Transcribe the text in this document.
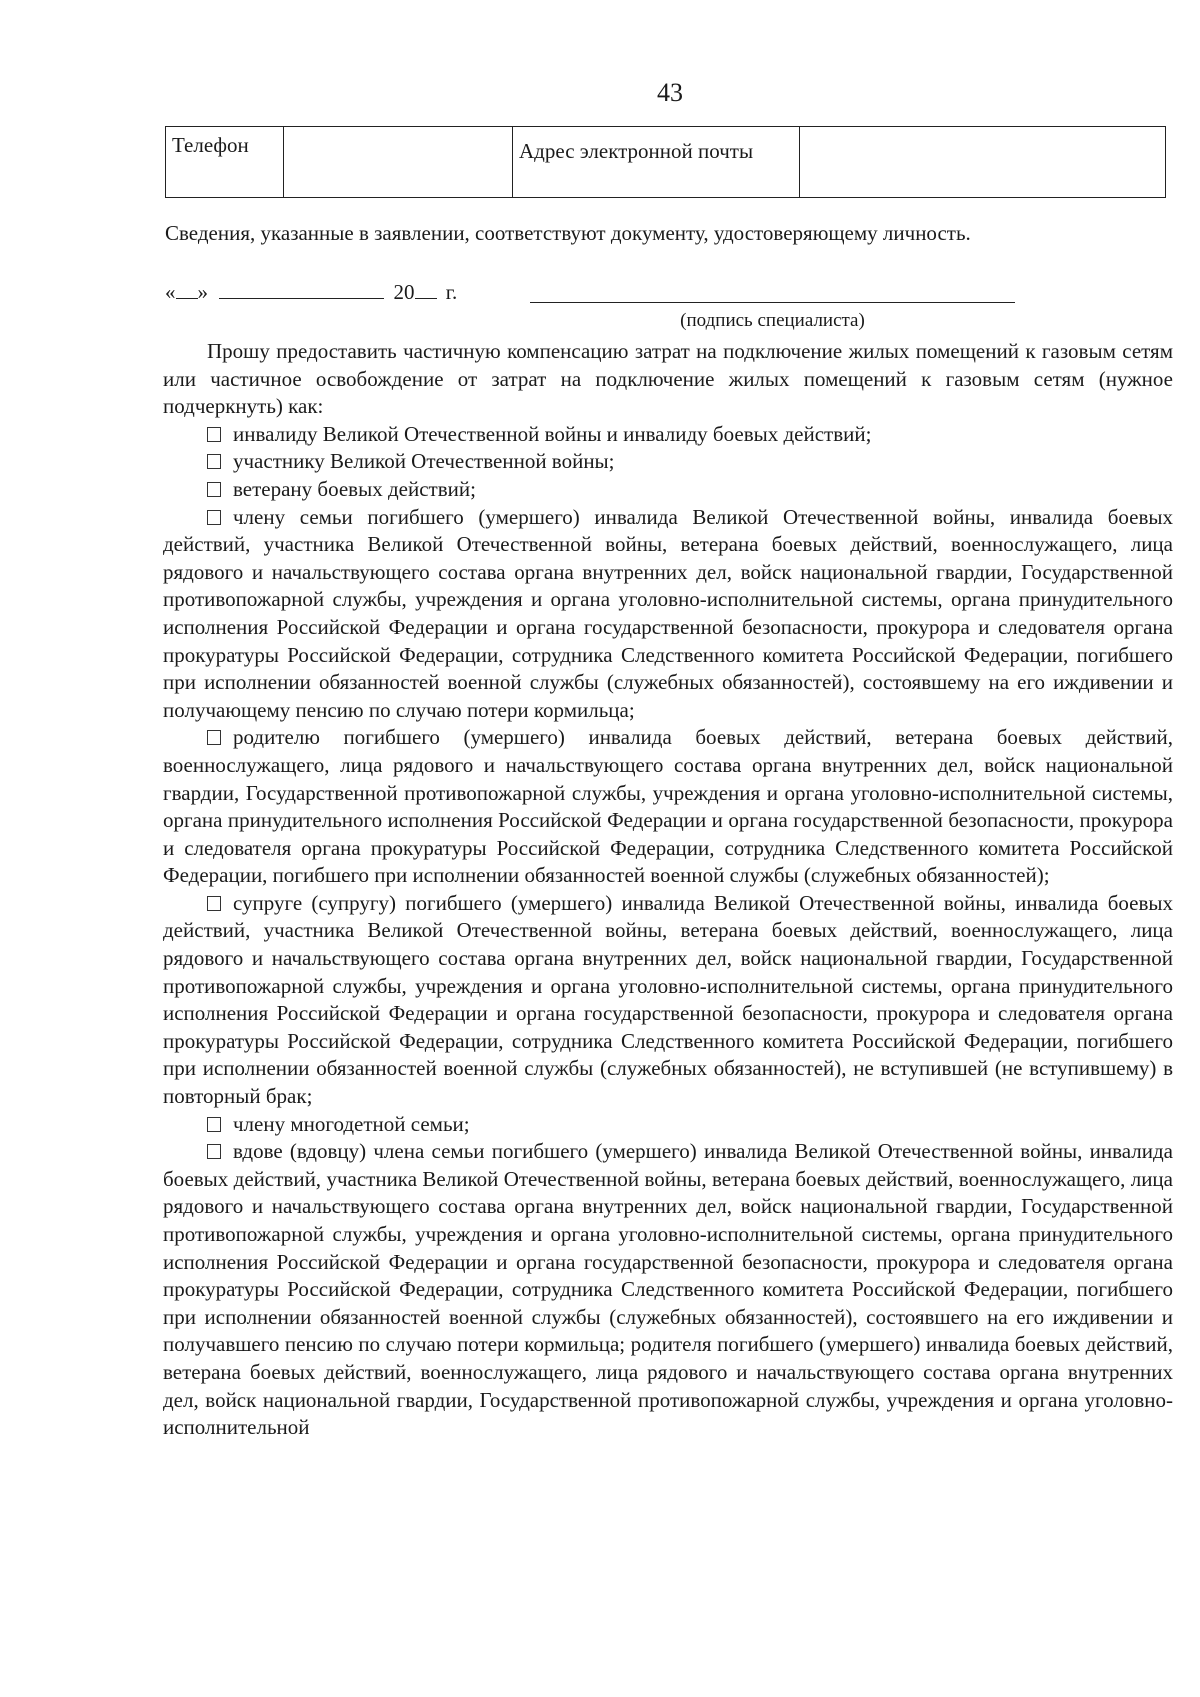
43
Телефон		Адрес электронной почты	
Сведения, указанные в заявлении, соответствуют документу, удостоверяющему личность.
« »	20 г.
(подпись специалиста)

Прошу предоставить частичную компенсацию затрат на подключение жилых помещений к газовым сетям или частичное освобождение от затрат на подключение жилых помещений к газовым сетям (нужное подчеркнуть) как:

инвалиду Великой Отечественной войны и инвалиду боевых действий;

участнику Великой Отечественной войны;

ветерану боевых действий;

члену семьи погибшего (умершего) инвалида Великой Отечественной войны, инвалида боевых действий, участника Великой Отечественной войны, ветерана боевых действий, военнослужащего, лица рядового и начальствующего состава органа внутренних дел, войск национальной гвардии, Государственной противопожарной службы, учреждения и органа уголовно-исполнительной системы, органа принудительного исполнения Российской Федерации и органа государственной безопасности, прокурора и следователя органа прокуратуры Российской Федерации, сотрудника Следственного комитета Российской Федерации, погибшего при исполнении обязанностей военной службы (служебных обязанностей), состоявшему на его иждивении и получающему пенсию по случаю потери кормильца;

родителю погибшего (умершего) инвалида боевых действий, ветерана боевых действий, военнослужащего, лица рядового и начальствующего состава органа внутренних дел, войск национальной гвардии, Государственной противопожарной службы, учреждения и органа уголовно-исполнительной системы, органа принудительного исполнения Российской Федерации и органа государственной безопасности, прокурора и следователя органа прокуратуры Российской Федерации, сотрудника Следственного комитета Российской Федерации, погибшего при исполнении обязанностей военной службы (служебных обязанностей);

супруге (супругу) погибшего (умершего) инвалида Великой Отечественной войны, инвалида боевых действий, участника Великой Отечественной войны, ветерана боевых действий, военнослужащего, лица рядового и начальствующего состава органа внутренних дел, войск национальной гвардии, Государственной противопожарной службы, учреждения и органа уголовно-исполнительной системы, органа принудительного исполнения Российской Федерации и органа государственной безопасности, прокурора и следователя органа прокуратуры Российской Федерации, сотрудника Следственного комитета Российской Федерации, погибшего при исполнении обязанностей военной службы (служебных обязанностей), не вступившей (не вступившему) в повторный брак;

члену многодетной семьи;

вдове (вдовцу) члена семьи погибшего (умершего) инвалида Великой Отечественной войны, инвалида боевых действий, участника Великой Отечественной войны, ветерана боевых действий, военнослужащего, лица рядового и начальствующего состава органа внутренних дел, войск национальной гвардии, Государственной противопожарной службы, учреждения и органа уголовно-исполнительной системы, органа принудительного исполнения Российской Федерации и органа государственной безопасности, прокурора и следователя органа прокуратуры Российской Федерации, сотрудника Следственного комитета Российской Федерации, погибшего при исполнении обязанностей военной службы (служебных обязанностей), состоявшего на его иждивении и получавшего пенсию по случаю потери кормильца; родителя погибшего (умершего) инвалида боевых действий, ветерана боевых действий, военнослужащего, лица рядового и начальствующего состава органа внутренних дел, войск национальной гвардии, Государственной противопожарной службы, учреждения и органа уголовно-исполнительной
